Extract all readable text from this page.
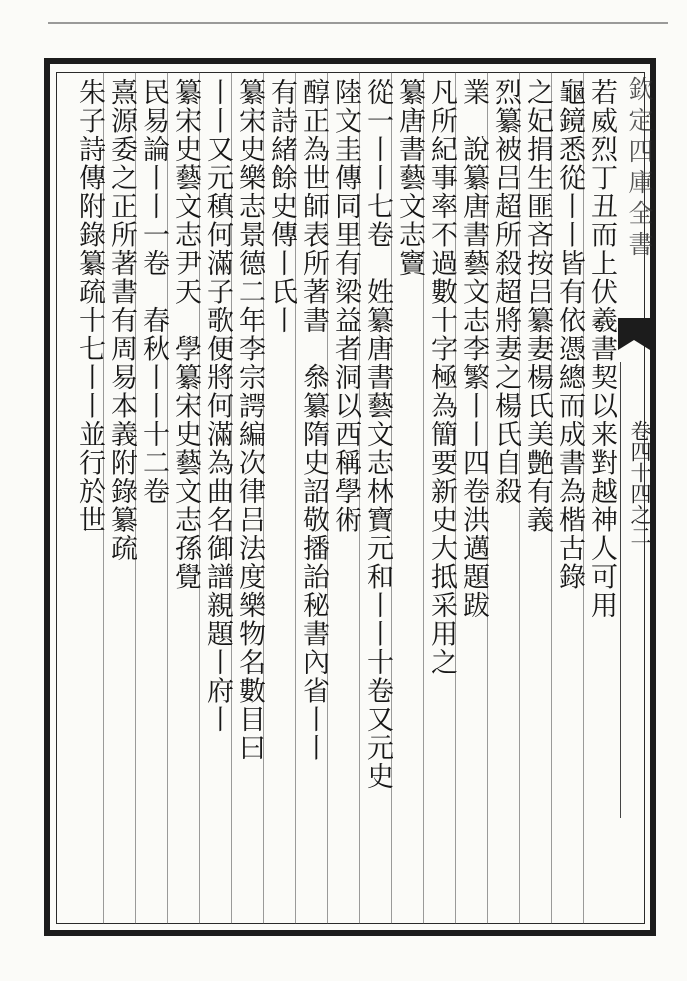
欽定四庫全書
卷四十四之二
若威烈丁丑而上伏羲書契以来對越神人可用
龜鏡悉從丨丨皆有依憑總而成書為楷古錄
之妃捐生匪吝按吕纂妻楊氏美艶有義
烈纂被吕超所殺超將妻之楊氏自殺
業　說纂唐書藝文志李繁丨丨四卷洪邁題跋
凡所紀事率不過數十字極為簡要新史大抵采用之
纂唐書藝文志竇
從一丨丨七卷　姓纂唐書藝文志林寶元和丨丨十卷又元史
陸文圭傳同里有梁益者洞以西稱學術
醇正為世師表所著書　叅纂隋史詔敬播詒秘書內省丨丨
有詩緒餘史傳丨氏丨
纂宋史樂志景德二年李宗諤編次律吕法度樂物名數目曰
丨丨又元稹何滿子歌便將何滿為曲名御譜親題丨府丨
纂宋史藝文志尹天　學纂宋史藝文志孫覺
民易論丨丨一卷　春秋丨丨十二卷
熹源委之正所著書有周易本義附錄纂疏
朱子詩傳附錄纂疏十七丨丨並行於世
